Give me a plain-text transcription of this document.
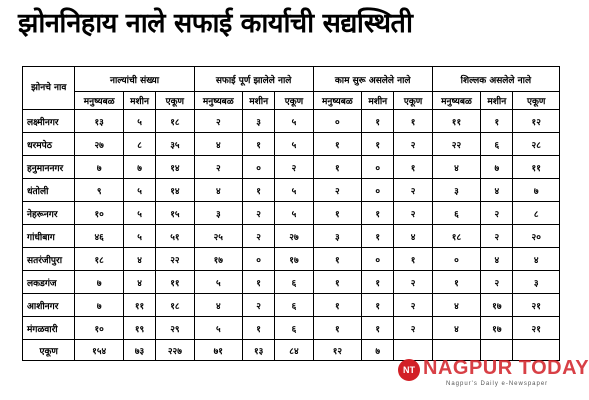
झोननिहाय नाले सफाई कार्याची सद्यस्थिती
झोनचे नाव	नाल्यांची संख्या			सफाई पूर्ण झालेले नाले			काम सुरू असलेले नाले			शिल्लक असलेले नाले		
	मनुष्यबळ	मशीन	एकूण	मनुष्यबळ	मशीन	एकूण	मनुष्यबळ	मशीन	एकूण	मनुष्यबळ	मशीन	एकूण
लक्ष्मीनगर	१३	५	१८	२	३	५	०	१	१	११	१	१२
धरमपेठ	२७	८	३५	४	१	५	१	१	२	२२	६	२८
हनुमाननगर	७	७	१४	२	०	२	१	०	१	४	७	११
धंतोली	९	५	१४	४	१	५	२	०	२	३	४	७
नेहरूनगर	१०	५	१५	३	२	५	१	१	२	६	२	८
गांधीबाग	४६	५	५१	२५	२	२७	३	१	४	१८	२	२०
सतरंजीपुरा	१८	४	२२	१७	०	१७	१	०	१	०	४	४
लकडगंज	७	४	११	५	१	६	१	१	२	१	२	३
आशीनगर	७	११	१८	४	२	६	१	१	२	४	१७	२१
मंगळवारी	१०	१९	२९	५	१	६	१	१	२	४	१७	२१
एकूण	१५४	७३	२२७	७१	१३	८४	१२	७				
NT NAGPUR TODAY
Nagpur's Daily e-Newspaper
